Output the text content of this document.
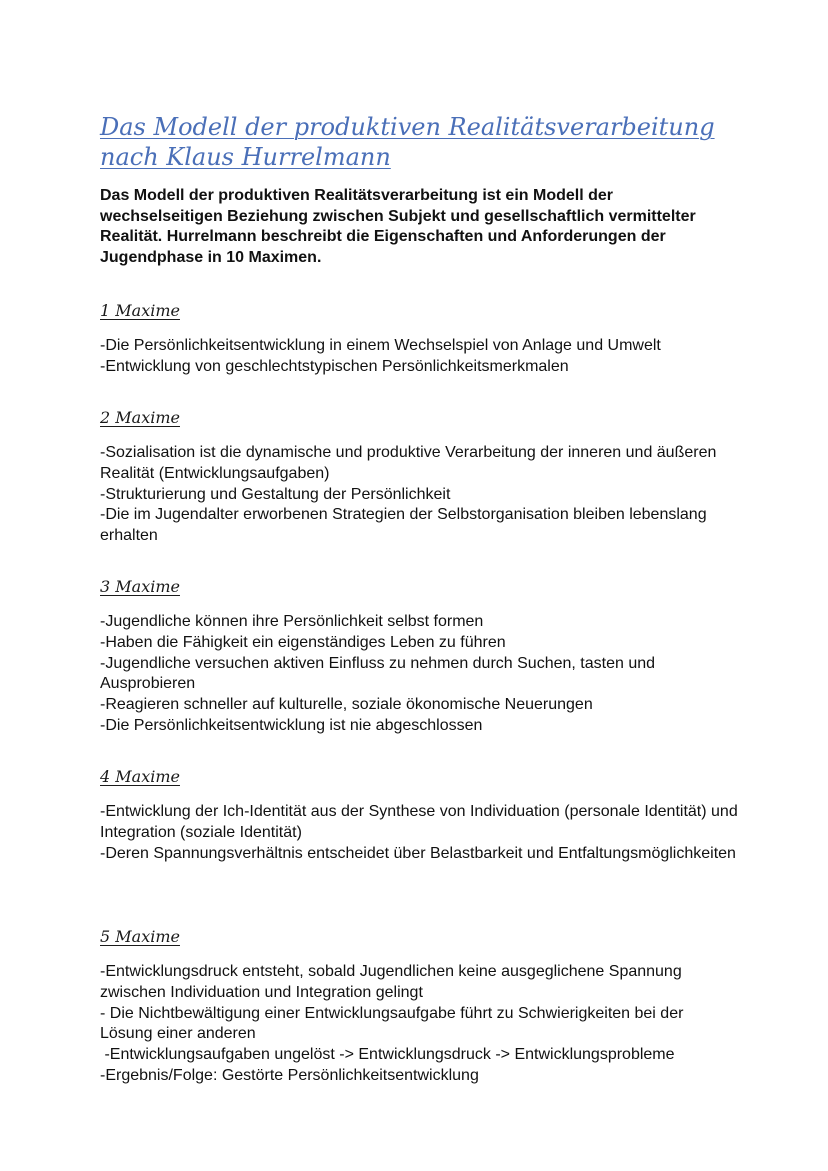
Das Modell der produktiven Realitätsverarbeitung
nach Klaus Hurrelmann

Das Modell der produktiven Realitätsverarbeitung ist ein Modell der wechselseitigen Beziehung zwischen Subjekt und gesellschaftlich vermittelter Realität. Hurrelmann beschreibt die Eigenschaften und Anforderungen der Jugendphase in 10 Maximen.

1 Maxime
-Die Persönlichkeitsentwicklung in einem Wechselspiel von Anlage und Umwelt
-Entwicklung von geschlechtstypischen Persönlichkeitsmerkmalen
2 Maxime
-Sozialisation ist die dynamische und produktive Verarbeitung der inneren und äußeren Realität (Entwicklungsaufgaben)
-Strukturierung und Gestaltung der Persönlichkeit
-Die im Jugendalter erworbenen Strategien der Selbstorganisation bleiben lebenslang erhalten
3 Maxime
-Jugendliche können ihre Persönlichkeit selbst formen
-Haben die Fähigkeit ein eigenständiges Leben zu führen
-Jugendliche versuchen aktiven Einfluss zu nehmen durch Suchen, tasten und Ausprobieren
-Reagieren schneller auf kulturelle, soziale ökonomische Neuerungen
-Die Persönlichkeitsentwicklung ist nie abgeschlossen
4 Maxime
-Entwicklung der Ich-Identität aus der Synthese von Individuation (personale Identität) und Integration (soziale Identität)
-Deren Spannungsverhältnis entscheidet über Belastbarkeit und Entfaltungsmöglichkeiten
5 Maxime
-Entwicklungsdruck entsteht, sobald Jugendlichen keine ausgeglichene Spannung zwischen Individuation und Integration gelingt
- Die Nichtbewältigung einer Entwicklungsaufgabe führt zu Schwierigkeiten bei der Lösung einer anderen
-Entwicklungsaufgaben ungelöst -> Entwicklungsdruck -> Entwicklungsprobleme
-Ergebnis/Folge: Gestörte Persönlichkeitsentwicklung
